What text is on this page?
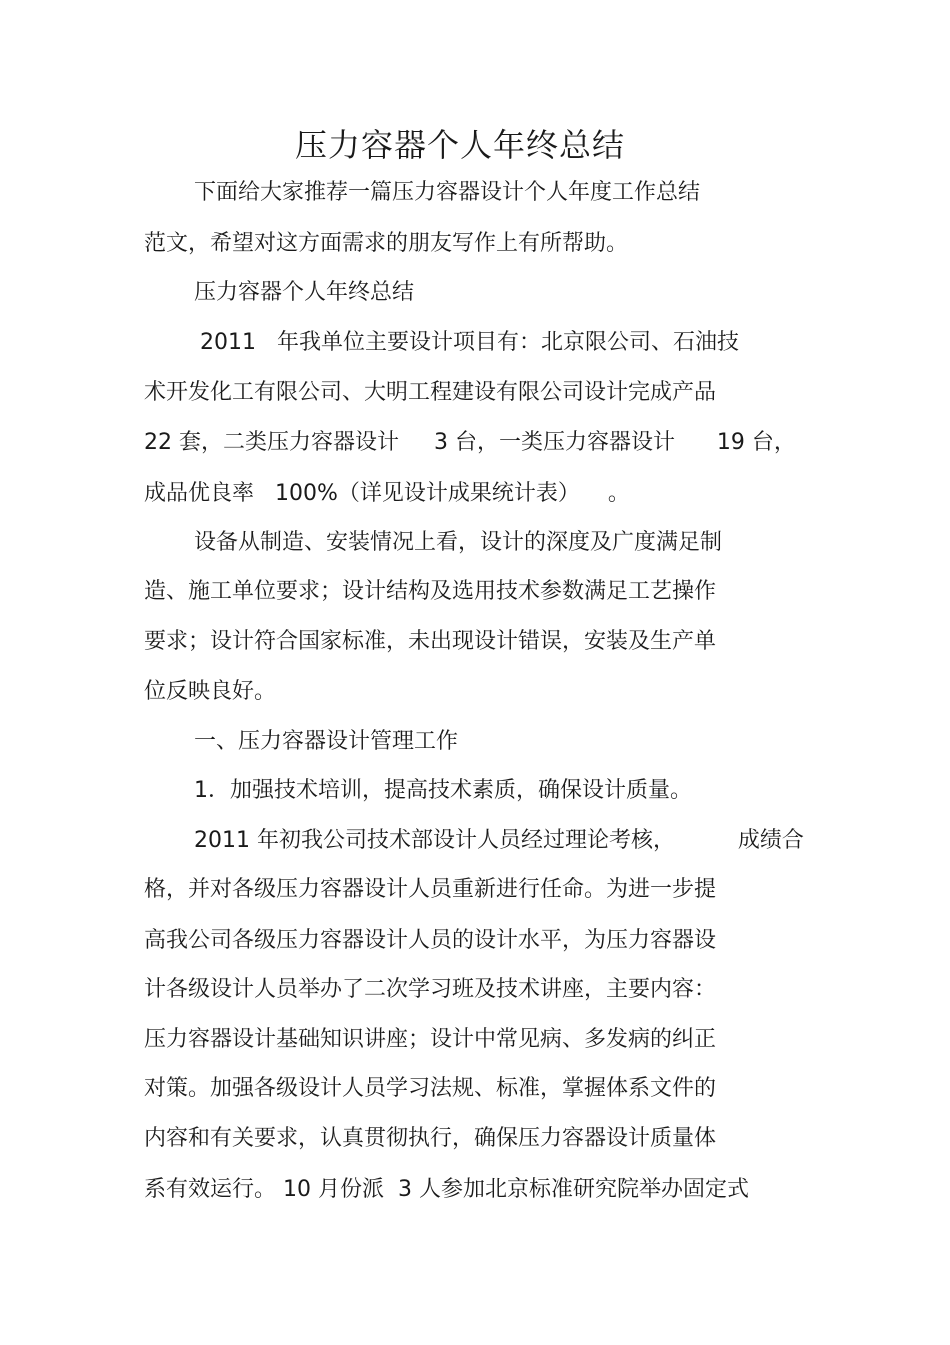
压力容器个人年终总结
下面给大家推荐一篇压力容器设计个人年度工作总结
范文，希望对这方面需求的朋友写作上有所帮助。
压力容器个人年终总结
2011   年我单位主要设计项目有：北京限公司、石油技
术开发化工有限公司、大明工程建设有限公司设计完成产品
22 套，二类压力容器设计     3 台，一类压力容器设计      19 台，
成品优良率   100%（详见设计成果统计表）    。
设备从制造、安装情况上看，设计的深度及广度满足制
造、施工单位要求；设计结构及选用技术参数满足工艺操作
要求；设计符合国家标准，未出现设计错误，安装及生产单
位反映良好。
一、压力容器设计管理工作
1．加强技术培训，提高技术素质，确保设计质量。
2011 年初我公司技术部设计人员经过理论考核，         成绩合
格，并对各级压力容器设计人员重新进行任命。为进一步提
高我公司各级压力容器设计人员的设计水平，为压力容器设
计各级设计人员举办了二次学习班及技术讲座，主要内容：
压力容器设计基础知识讲座；设计中常见病、多发病的纠正
对策。加强各级设计人员学习法规、标准，掌握体系文件的
内容和有关要求，认真贯彻执行，确保压力容器设计质量体
系有效运行。 10 月份派  3 人参加北京标准研究院举办固定式
